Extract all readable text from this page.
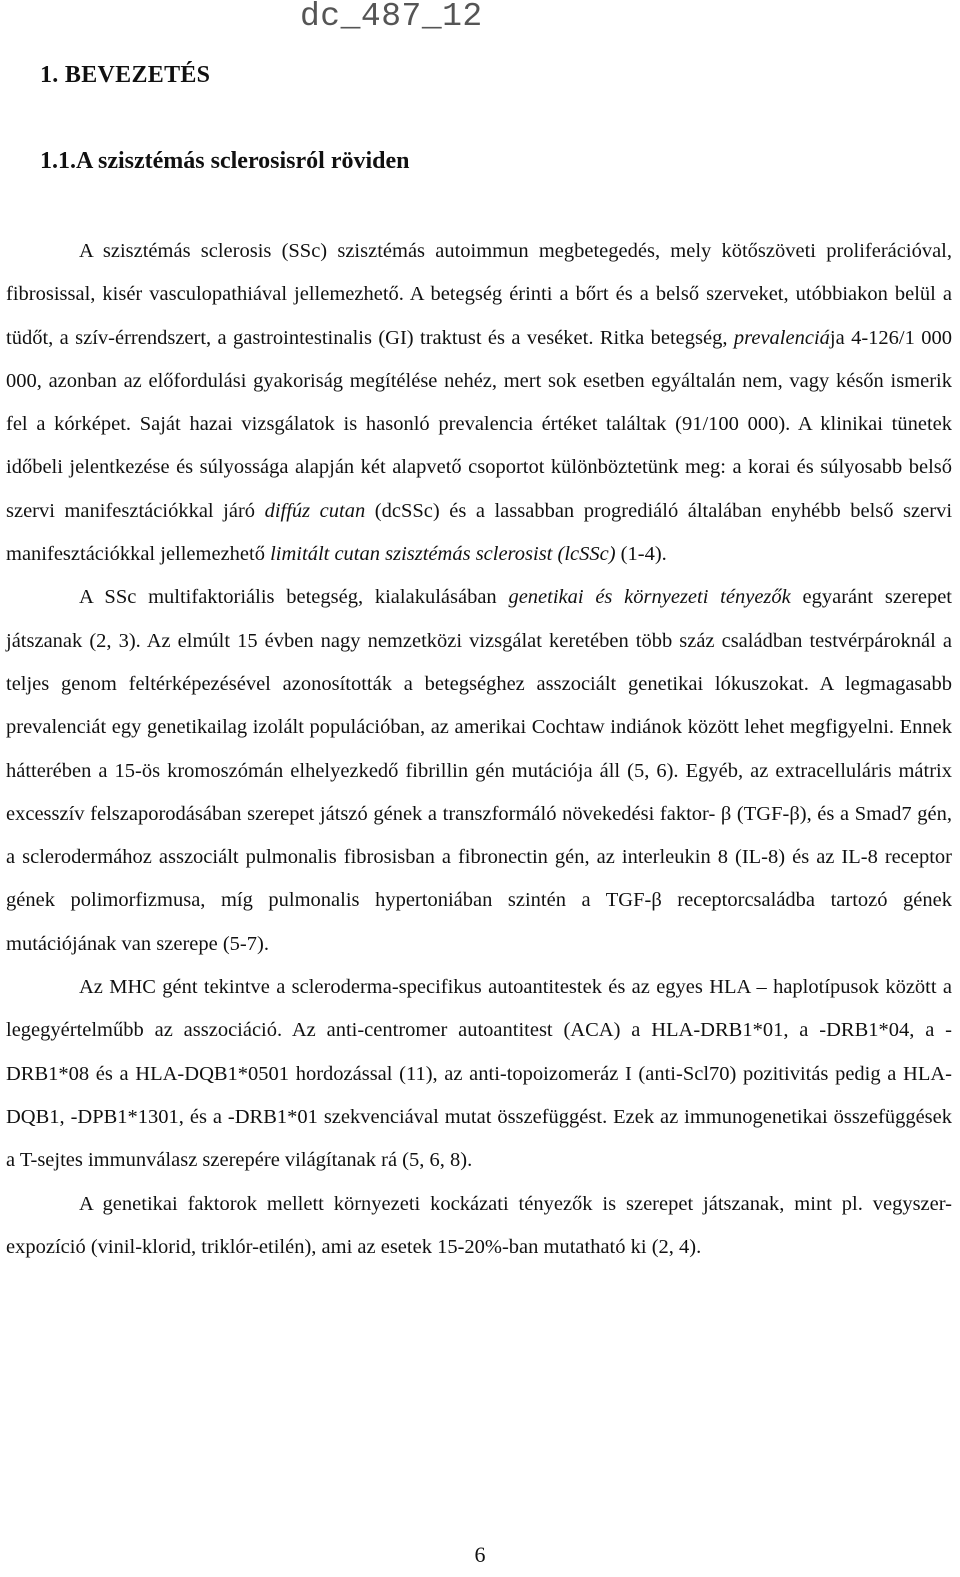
dc_487_12
1. BEVEZETÉS
1.1.A szisztémás sclerosisról röviden

A szisztémás sclerosis (SSc) szisztémás autoimmun megbetegedés, mely kötőszöveti proliferációval, fibrosissal, kisér vasculopathiával jellemezhető. A betegség érinti a bőrt és a belső szerveket, utóbbiakon belül a tüdőt, a szív-érrendszert, a gastrointestinalis (GI) traktust és a veséket. Ritka betegség, prevalenciája 4-126/1 000 000, azonban az előfordulási gyakoriság megítélése nehéz, mert sok esetben egyáltalán nem, vagy későn ismerik fel a kórképet. Saját hazai vizsgálatok is hasonló prevalencia értéket találtak (91/100 000). A klinikai tünetek időbeli jelentkezése és súlyossága alapján két alapvető csoportot különböztetünk meg: a korai és súlyosabb belső szervi manifesztációkkal járó diffúz cutan (dcSSc) és a lassabban progrediáló általában enyhébb belső szervi manifesztációkkal jellemezhető limitált cutan szisztémás sclerosist (lcSSc) (1-4).

A SSc multifaktoriális betegség, kialakulásában genetikai és környezeti tényezők egyaránt szerepet játszanak (2, 3). Az elmúlt 15 évben nagy nemzetközi vizsgálat keretében több száz családban testvérpároknál a teljes genom feltérképezésével azonosították a betegséghez asszociált genetikai lókuszokat. A legmagasabb prevalenciát egy genetikailag izolált populációban, az amerikai Cochtaw indiánok között lehet megfigyelni. Ennek hátterében a 15-ös kromoszómán elhelyezkedő fibrillin gén mutációja áll (5, 6). Egyéb, az extracelluláris mátrix excesszív felszaporodásában szerepet játszó gének a transzformáló növekedési faktor- β (TGF-β), és a Smad7 gén, a sclerodermához asszociált pulmonalis fibrosisban a fibronectin gén, az interleukin 8 (IL-8) és az IL-8 receptor gének polimorfizmusa, míg pulmonalis hypertoniában szintén a TGF-β receptorcsaládba tartozó gének mutációjának van szerepe (5-7).

Az MHC gént tekintve a scleroderma-specifikus autoantitestek és az egyes HLA – haplotípusok között a legegyértelműbb az asszociáció. Az anti-centromer autoantitest (ACA) a HLA-DRB1*01, a -DRB1*04, a -DRB1*08 és a HLA-DQB1*0501 hordozással (11), az anti-topoizomeráz I (anti-Scl70) pozitivitás pedig a HLA-DQB1, -DPB1*1301, és a -DRB1*01 szekvenciával mutat összefüggést. Ezek az immunogenetikai összefüggések a T-sejtes immunválasz szerepére világítanak rá (5, 6, 8).

A genetikai faktorok mellett környezeti kockázati tényezők is szerepet játszanak, mint pl. vegyszer-expozíció (vinil-klorid, triklór-etilén), ami az esetek 15-20%-ban mutatható ki (2, 4).

6
